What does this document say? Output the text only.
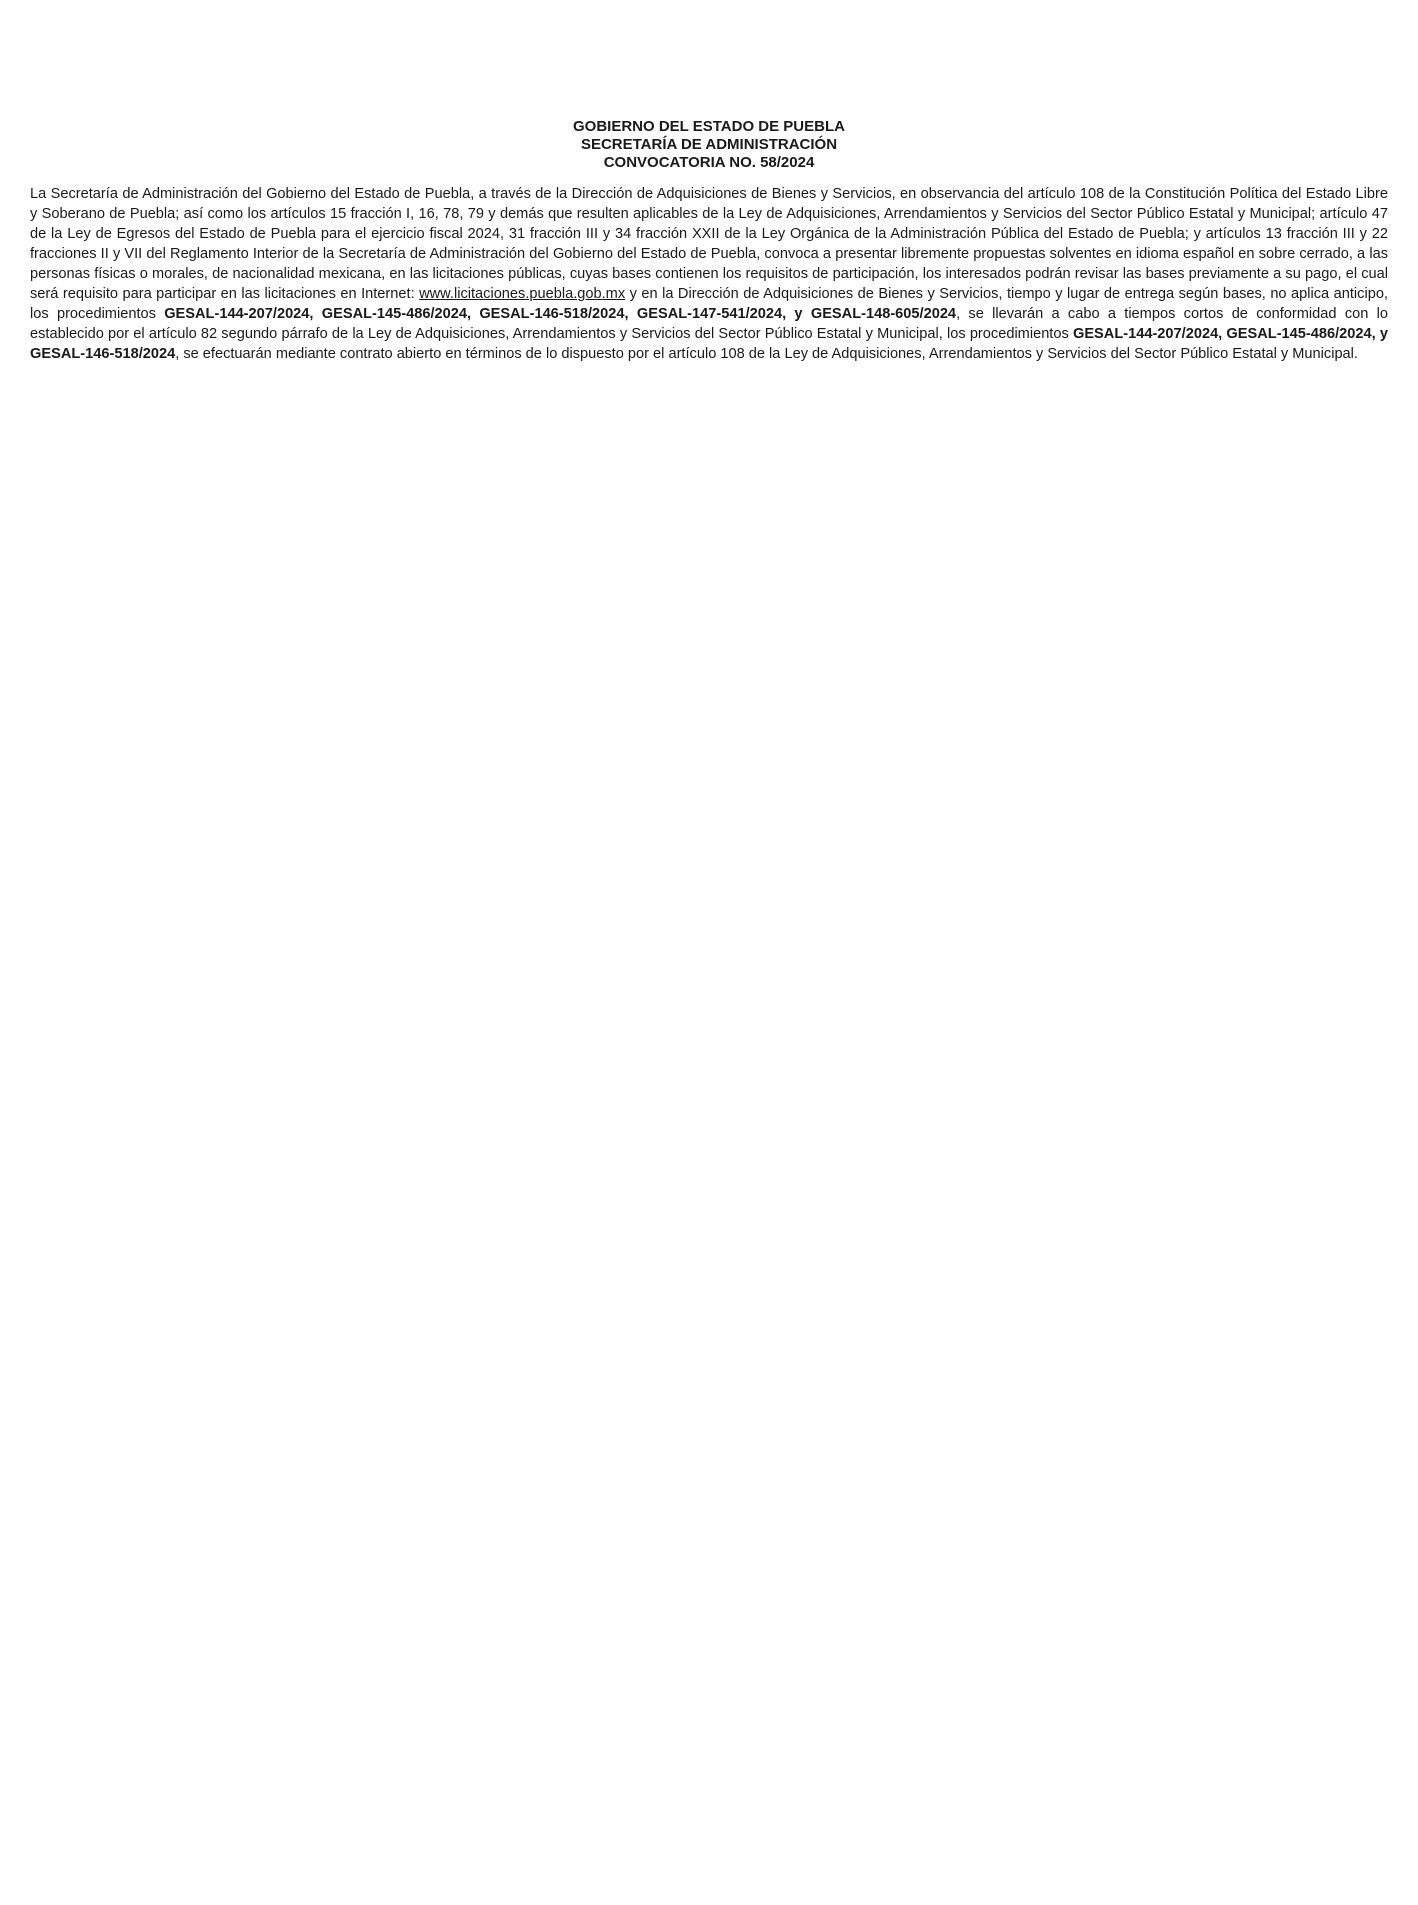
GOBIERNO DEL ESTADO DE PUEBLA
SECRETARÍA DE ADMINISTRACIÓN
CONVOCATORIA NO. 58/2024
La Secretaría de Administración del Gobierno del Estado de Puebla, a través de la Dirección de Adquisiciones de Bienes y Servicios, en observancia del artículo 108 de la Constitución Política del Estado Libre y Soberano de Puebla; así como los artículos 15 fracción I, 16, 78, 79 y demás que resulten aplicables de la Ley de Adquisiciones, Arrendamientos y Servicios del Sector Público Estatal y Municipal; artículo 47 de la Ley de Egresos del Estado de Puebla para el ejercicio fiscal 2024, 31 fracción III y 34 fracción XXII de la Ley Orgánica de la Administración Pública del Estado de Puebla; y artículos 13 fracción III y 22 fracciones II y VII del Reglamento Interior de la Secretaría de Administración del Gobierno del Estado de Puebla, convoca a presentar libremente propuestas solventes en idioma español en sobre cerrado, a las personas físicas o morales, de nacionalidad mexicana, en las licitaciones públicas, cuyas bases contienen los requisitos de participación, los interesados podrán revisar las bases previamente a su pago, el cual será requisito para participar en las licitaciones en Internet: www.licitaciones.puebla.gob.mx y en la Dirección de Adquisiciones de Bienes y Servicios, tiempo y lugar de entrega según bases, no aplica anticipo, los procedimientos GESAL-144-207/2024, GESAL-145-486/2024, GESAL-146-518/2024, GESAL-147-541/2024, y GESAL-148-605/2024, se llevarán a cabo a tiempos cortos de conformidad con lo establecido por el artículo 82 segundo párrafo de la Ley de Adquisiciones, Arrendamientos y Servicios del Sector Público Estatal y Municipal, los procedimientos GESAL-144-207/2024, GESAL-145-486/2024, y GESAL-146-518/2024, se efectuarán mediante contrato abierto en términos de lo dispuesto por el artículo 108 de la Ley de Adquisiciones, Arrendamientos y Servicios del Sector Público Estatal y Municipal.
